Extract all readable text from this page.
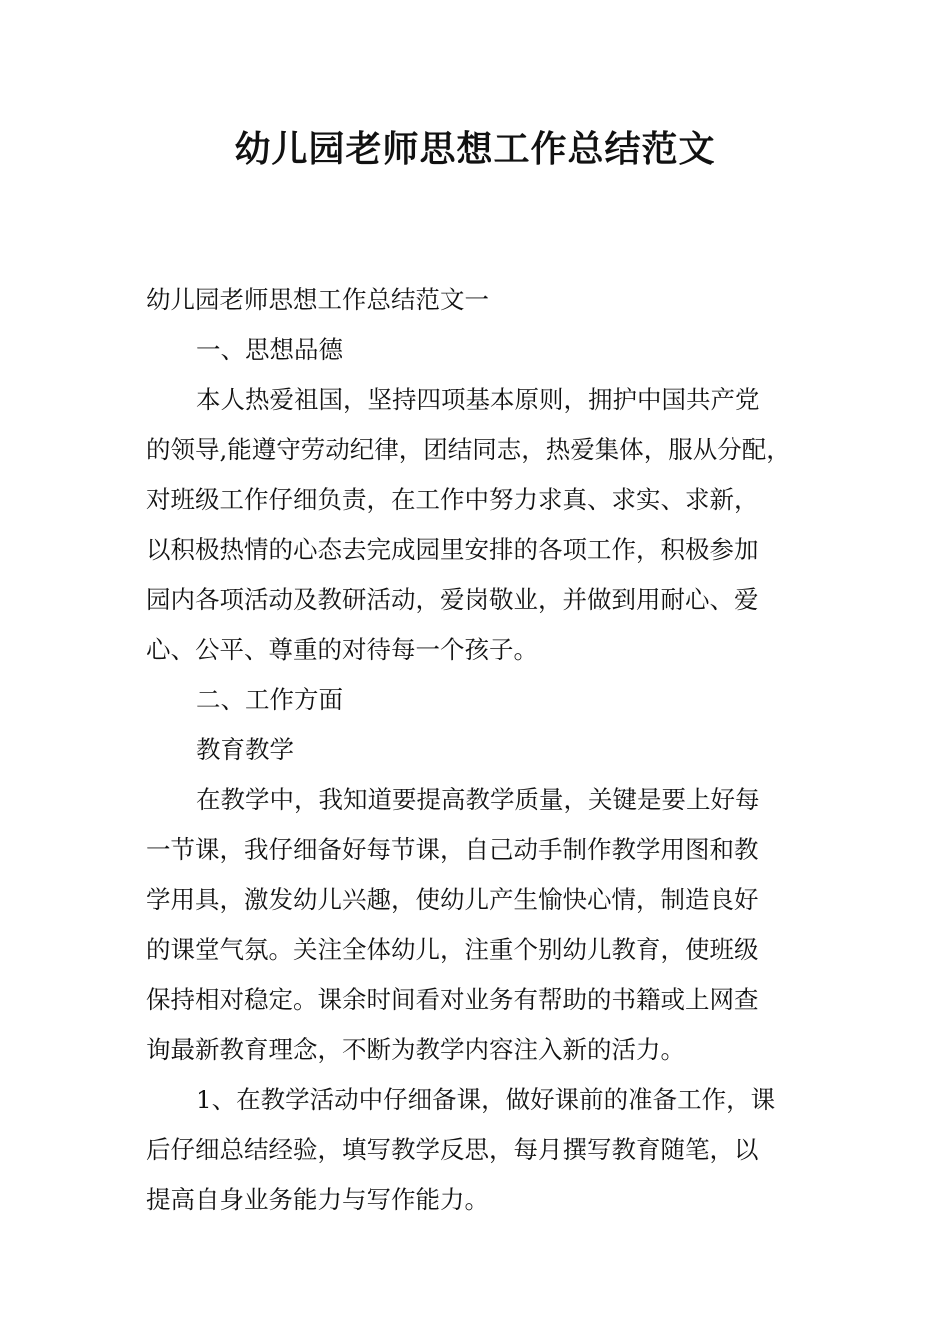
幼儿园老师思想工作总结范文
幼儿园老师思想工作总结范文一
一、思想品德
本人热爱祖国，坚持四项基本原则，拥护中国共产党
的领导,能遵守劳动纪律，团结同志，热爱集体，服从分配，
对班级工作仔细负责，在工作中努力求真、求实、求新，
以积极热情的心态去完成园里安排的各项工作，积极参加
园内各项活动及教研活动，爱岗敬业，并做到用耐心、爱
心、公平、尊重的对待每一个孩子。
二、工作方面
教育教学
在教学中，我知道要提高教学质量，关键是要上好每
一节课，我仔细备好每节课，自己动手制作教学用图和教
学用具，激发幼儿兴趣，使幼儿产生愉快心情，制造良好
的课堂气氛。关注全体幼儿，注重个别幼儿教育，使班级
保持相对稳定。课余时间看对业务有帮助的书籍或上网查
询最新教育理念，不断为教学内容注入新的活力。
1、在教学活动中仔细备课，做好课前的准备工作，课
后仔细总结经验，填写教学反思，每月撰写教育随笔，以
提高自身业务能力与写作能力。
